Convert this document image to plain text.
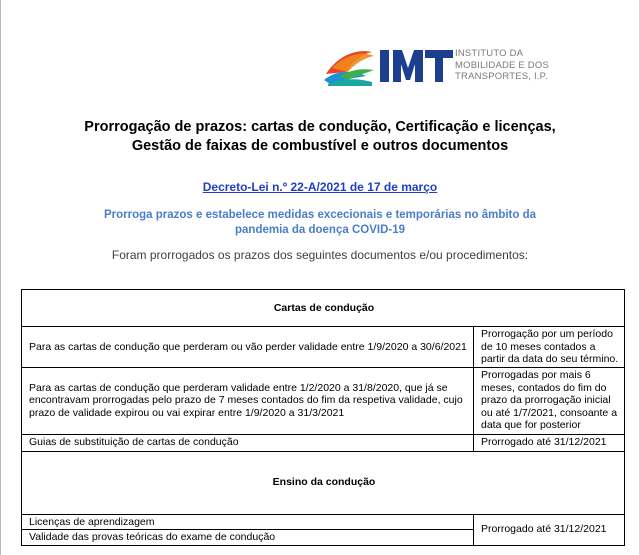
INSTITUTO DA
MOBILIDADE E DOS
TRANSPORTES, I.P.
Prorrogação de prazos: cartas de condução, Certificação e licenças, Gestão de faixas de combustível e outros documentos
Decreto-Lei n.º 22-A/2021 de 17 de março
Prorroga prazos e estabelece medidas excecionais e temporárias no âmbito da pandemia da doença COVID-19
Foram prorrogados os prazos dos seguintes documentos e/ou procedimentos:
Cartas de condução	
Para as cartas de condução que perderam ou vão perder validade entre 1/9/2020 a 30/6/2021	Prorrogação por um período de 10 meses contados a partir da data do seu término.
Para as cartas de condução que perderam validade entre 1/2/2020 a 31/8/2020, que já se encontravam prorrogadas pelo prazo de 7 meses contados do fim da respetiva validade, cujo prazo de validade expirou ou vai expirar entre 1/9/2020 a 31/3/2021	Prorrogadas por mais 6 meses, contados do fim do prazo da prorrogação inicial ou até 1/7/2021, consoante a data que for posterior
Guias de substituição de cartas de condução	Prorrogado até 31/12/2021
Ensino da condução	
Licenças de aprendizagem	Prorrogado até 31/12/2021
Validade das provas teóricas do exame de condução	
